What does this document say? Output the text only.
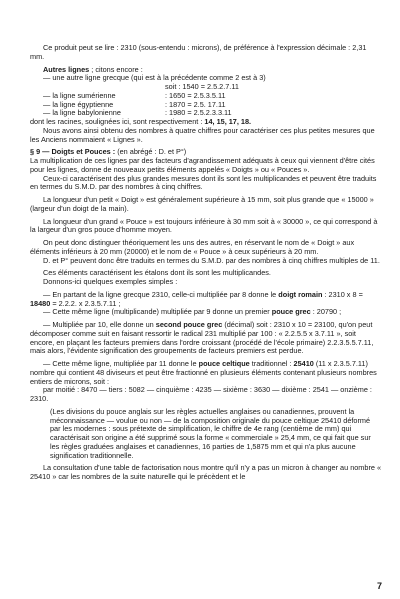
Ce produit peut se lire : 2310 (sous-entendu : microns), de préférence à l'expression décimale : 2,31 mm.

Autres lignes ; citons encore :

— une autre ligne grecque (qui est à la précédente comme 2 est à 3)
soit : 1540 = 2.5.2.7.11
— la ligne sumérienne	: 1650 = 2.5.3.5.11
— la ligne égyptienne	: 1870 = 2.5. 17.11
— la ligne babylonienne	: 1980 = 2.5.2.3.3.11

dont les racines, soulignées ici, sont respectivement : 14, 15, 17, 18.

Nous avons ainsi obtenu des nombres à quatre chiffres pour caractériser ces plus petites mesures que les Anciens nommaient « Lignes ».

§ 9 — Doigts et Pouces : (en abrégé : D. et P°)

La multiplication de ces lignes par des facteurs d'agrandissement adéquats à ceux qui viennent d'être cités pour les lignes, donne de nouveaux petits éléments appelés « Doigts » ou « Pouces ».

Ceux-ci caractérisent des plus grandes mesures dont ils sont les multiplicandes et peuvent être traduits en termes du S.M.D. par des nombres à cinq chiffres.

La longueur d'un petit « Doigt » est généralement supérieure à 15 mm, soit plus grande que « 15000 » (largeur d'un doigt de la main).

La longueur d'un grand « Pouce » est toujours inférieure à 30 mm soit à « 30000 », ce qui correspond à la largeur d'un gros pouce d'homme moyen.

On peut donc distinguer théoriquement les uns des autres, en réservant le nom de « Doigt » aux éléments inférieurs à 20 mm (20000) et le nom de « Pouce » à ceux supérieurs à 20 mm.

D. et P° peuvent donc être traduits en termes du S.M.D. par des nombres à cinq chiffres multiples de 11.

Ces éléments caractérisent les étalons dont ils sont les multiplicandes.

Donnons-ici quelques exemples simples :

— En partant de la ligne grecque 2310, celle-ci multipliée par 8 donne le doigt romain : 2310 x 8 = 18480 = 2.2.2. x 2.3.5.7.11 ;

— Cette même ligne (multiplicande) multipliée par 9 donne un premier pouce grec : 20790 ;

— Multipliée par 10, elle donne un second pouce grec (décimal) soit : 2310 x 10 = 23100, qu'on peut décomposer comme suit en faisant ressortir le radical 231 multiplié par 100 : « 2.2.5.5 x 3.7.11 », soit encore, en plaçant les facteurs premiers dans l'ordre croissant (procédé de l'école primaire) 2.2.3.5.5.7.11, mais alors, l'évidente signification des groupements de facteurs premiers est perdue.

— Cette même ligne, multipliée par 11 donne le pouce celtique traditionnel : 25410 (11 x 2.3.5.7.11) nombre qui contient 48 diviseurs et peut être fractionné en plusieurs éléments contenant plusieurs nombres entiers de microns, soit :

par moitié : 8470 — tiers : 5082 — cinquième : 4235 — sixième : 3630 — dixième : 2541 — onzième : 2310.

(Les divisions du pouce anglais sur les règles actuelles anglaises ou canadiennes, prouvent la méconnaissance — voulue ou non — de la composition originale du pouce celtique 25410 déformé par les modernes : sous prétexte de simplification, le chiffre de 4e rang (centième de mm) qui caractérisait son origine a été supprimé sous la forme « commerciale » 25,4 mm, ce qui fait que sur les règles graduées anglaises et canadiennes, 16 parties de 1,5875 mm et qui n'a plus aucune signification traditionnelle.

La consultation d'une table de factorisation nous montre qu'il n'y a pas un micron à changer au nombre « 25410 » car les nombres de la suite naturelle qui le précèdent et le

7
